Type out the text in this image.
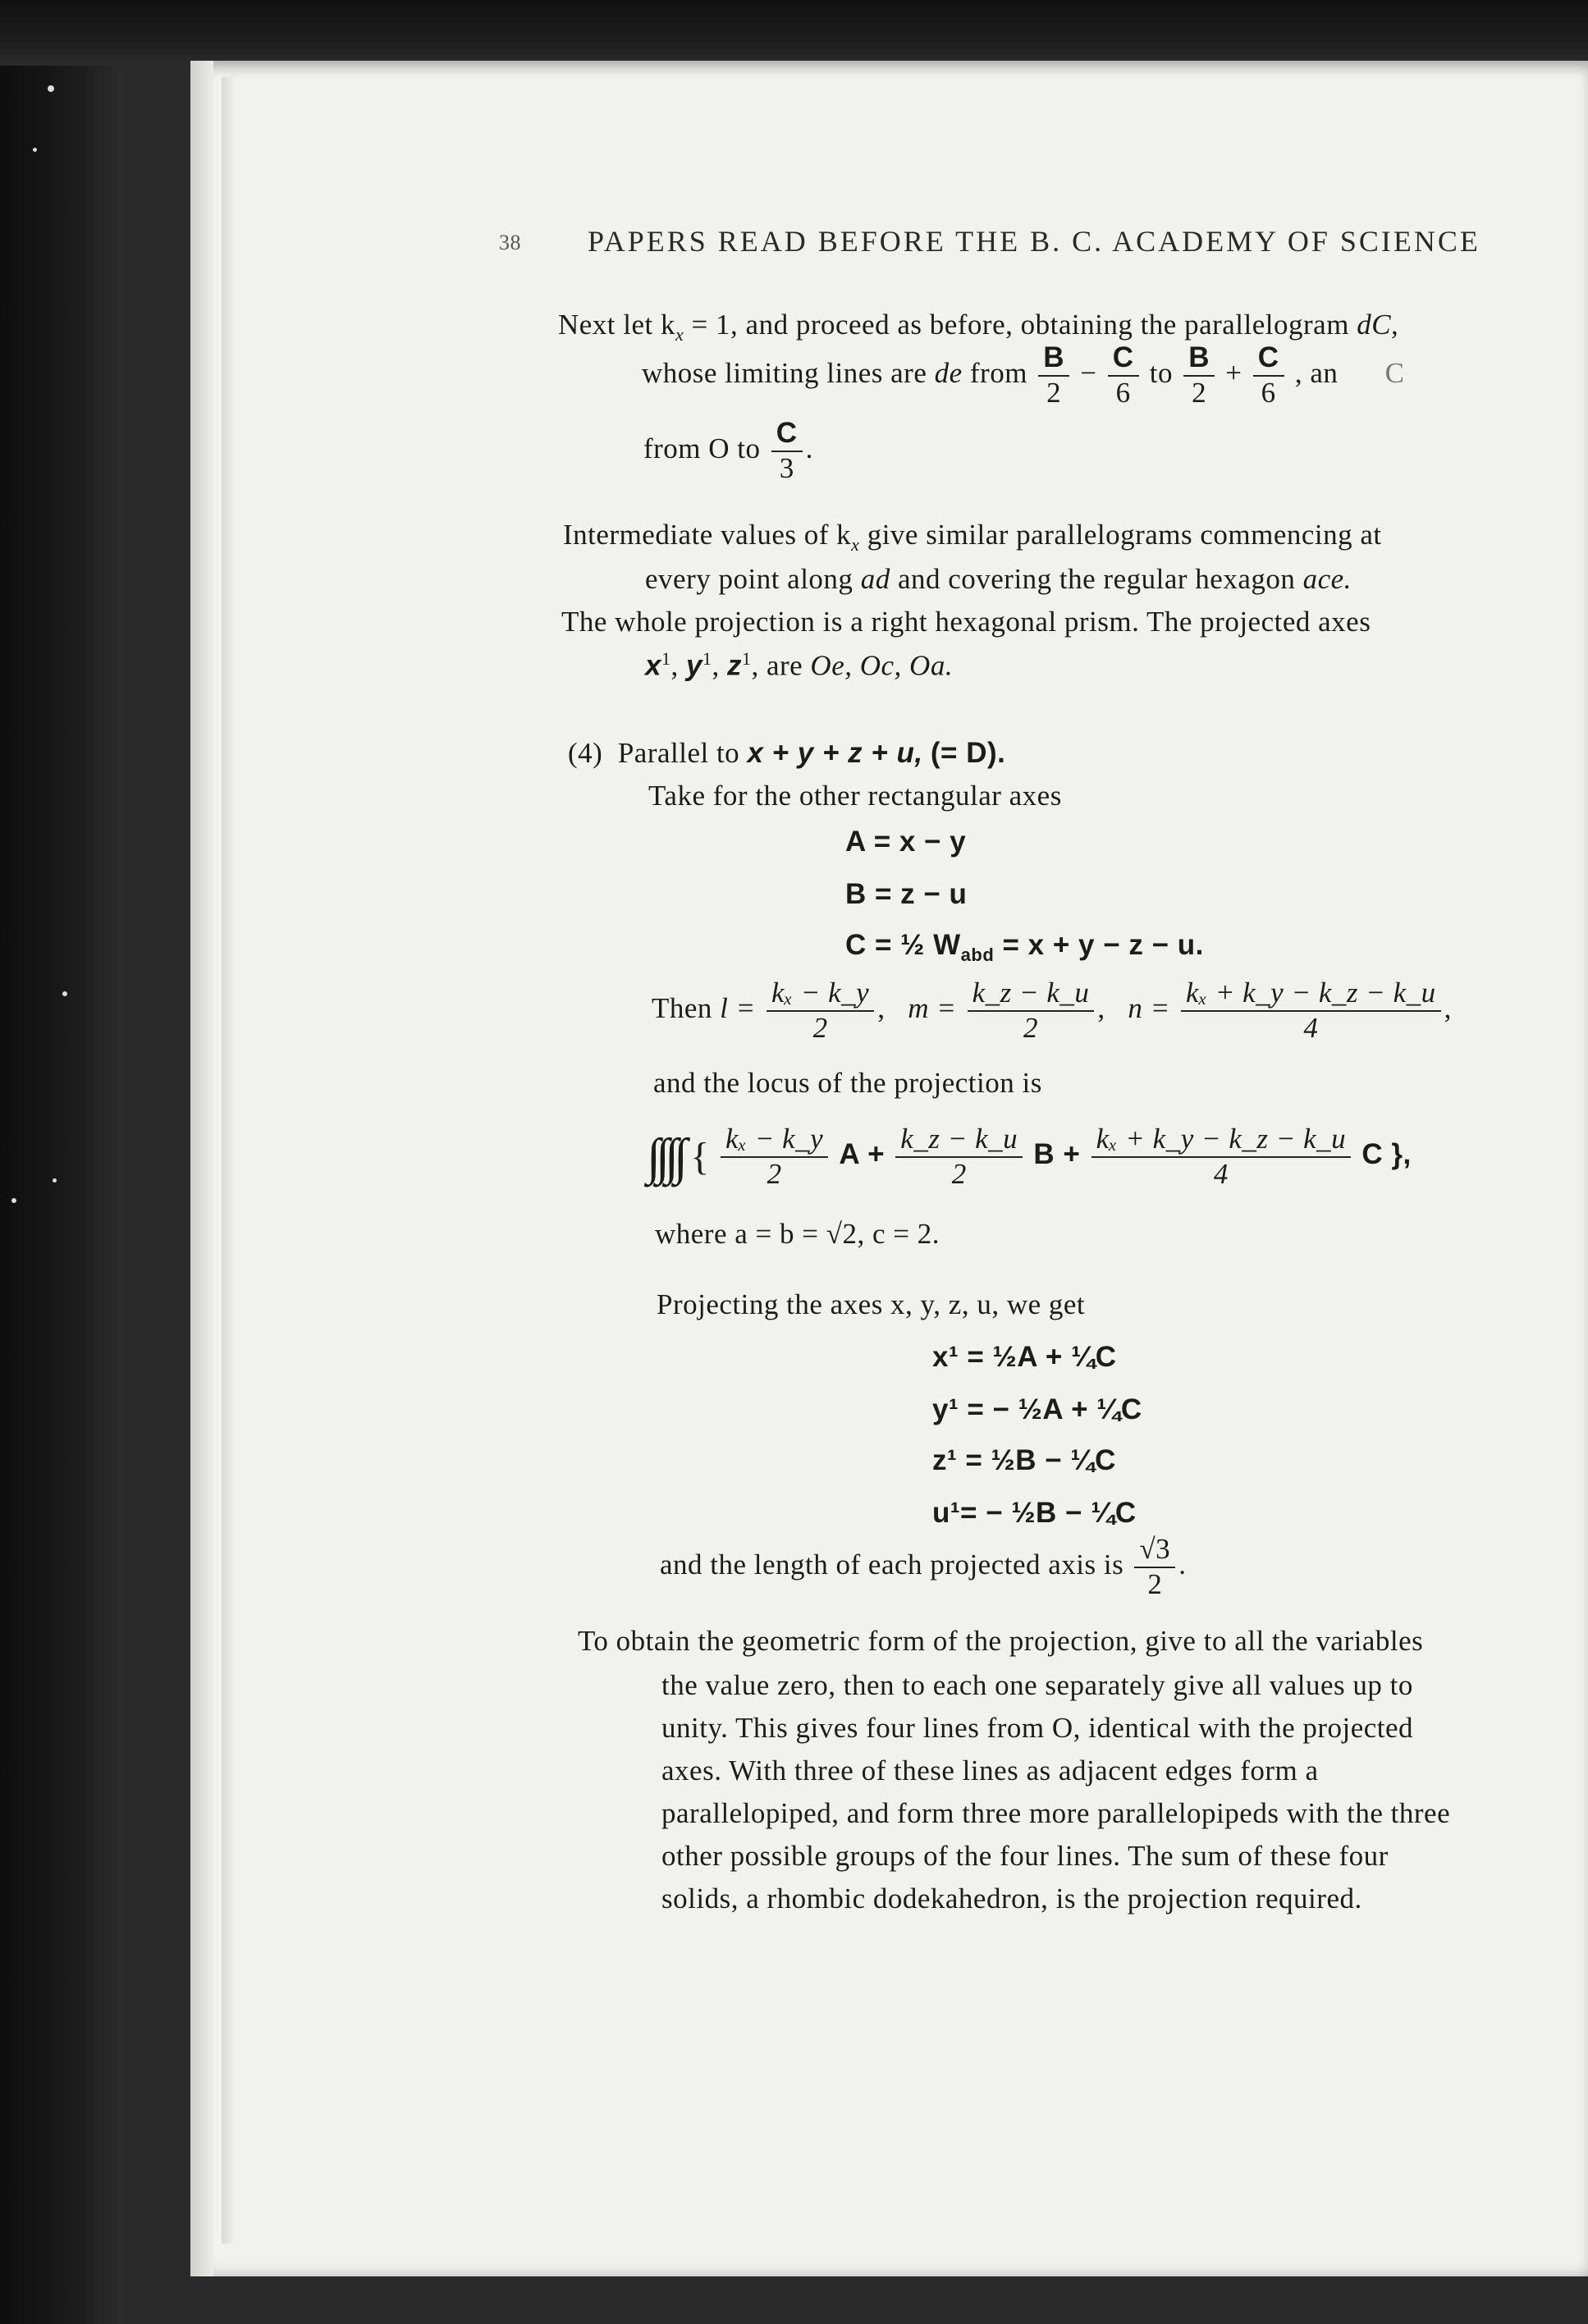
38 PAPERS READ BEFORE THE B. C. ACADEMY OF SCIENCE
Next let $k_x = 1$, and proceed as before, obtaining the parallelogram dC,
whose limiting lines are de from $\frac{B}{2} - \frac{C}{6}$ to $\frac{B}{2} + \frac{C}{6}$ , an C
from O to $\frac{C}{3}$ .
Intermediate values of $k_x$ give similar parallelograms commencing at
every point along ad and covering the regular hexagon ace.
The whole projection is a right hexagonal prism. The projected axes
$x^1$, $y^1$, $z^1$, are Oe, Oc, Oa.
(4) Parallel to x + y + z + u, (= D).
Take for the other rectangular axes
A = x − y
B = z − u
C = ½ $W_{abd} = x + y - z - u$.
Then $l = \frac{\text{kₓ − k\_y}}{2}$ ,   $m = \frac{k\_z - k\_u}{2}$ ,   $n = \frac{\text{kₓ + k\_y − k\_z − k\_u}}{4}$ ,
and the locus of the projection is
∫∫∫∫ { $\frac{\text{kₓ − k\_y}}{2}$ $A + \frac{k\_z - k\_u}{2}$ $B + \frac{\text{kₓ + k\_y − k\_z − k\_u}}{4}$ C },
where a = b = √2, c = 2.
Projecting the axes x, y, z, u, we get
x¹ = ½A + ¼C
y¹ = − ½A + ¼C
z¹ = ½B − ¼C
u¹= − ½B − ¼C
and the length of each projected axis is $\frac{√3}{2}$ .
To obtain the geometric form of the projection, give to all the variables
the value zero, then to each one separately give all values up to
unity. This gives four lines from O, identical with the projected
axes. With three of these lines as adjacent edges form a
parallelopiped, and form three more parallelopipeds with the three
other possible groups of the four lines. The sum of these four
solids, a rhombic dodekahedron, is the projection required.
